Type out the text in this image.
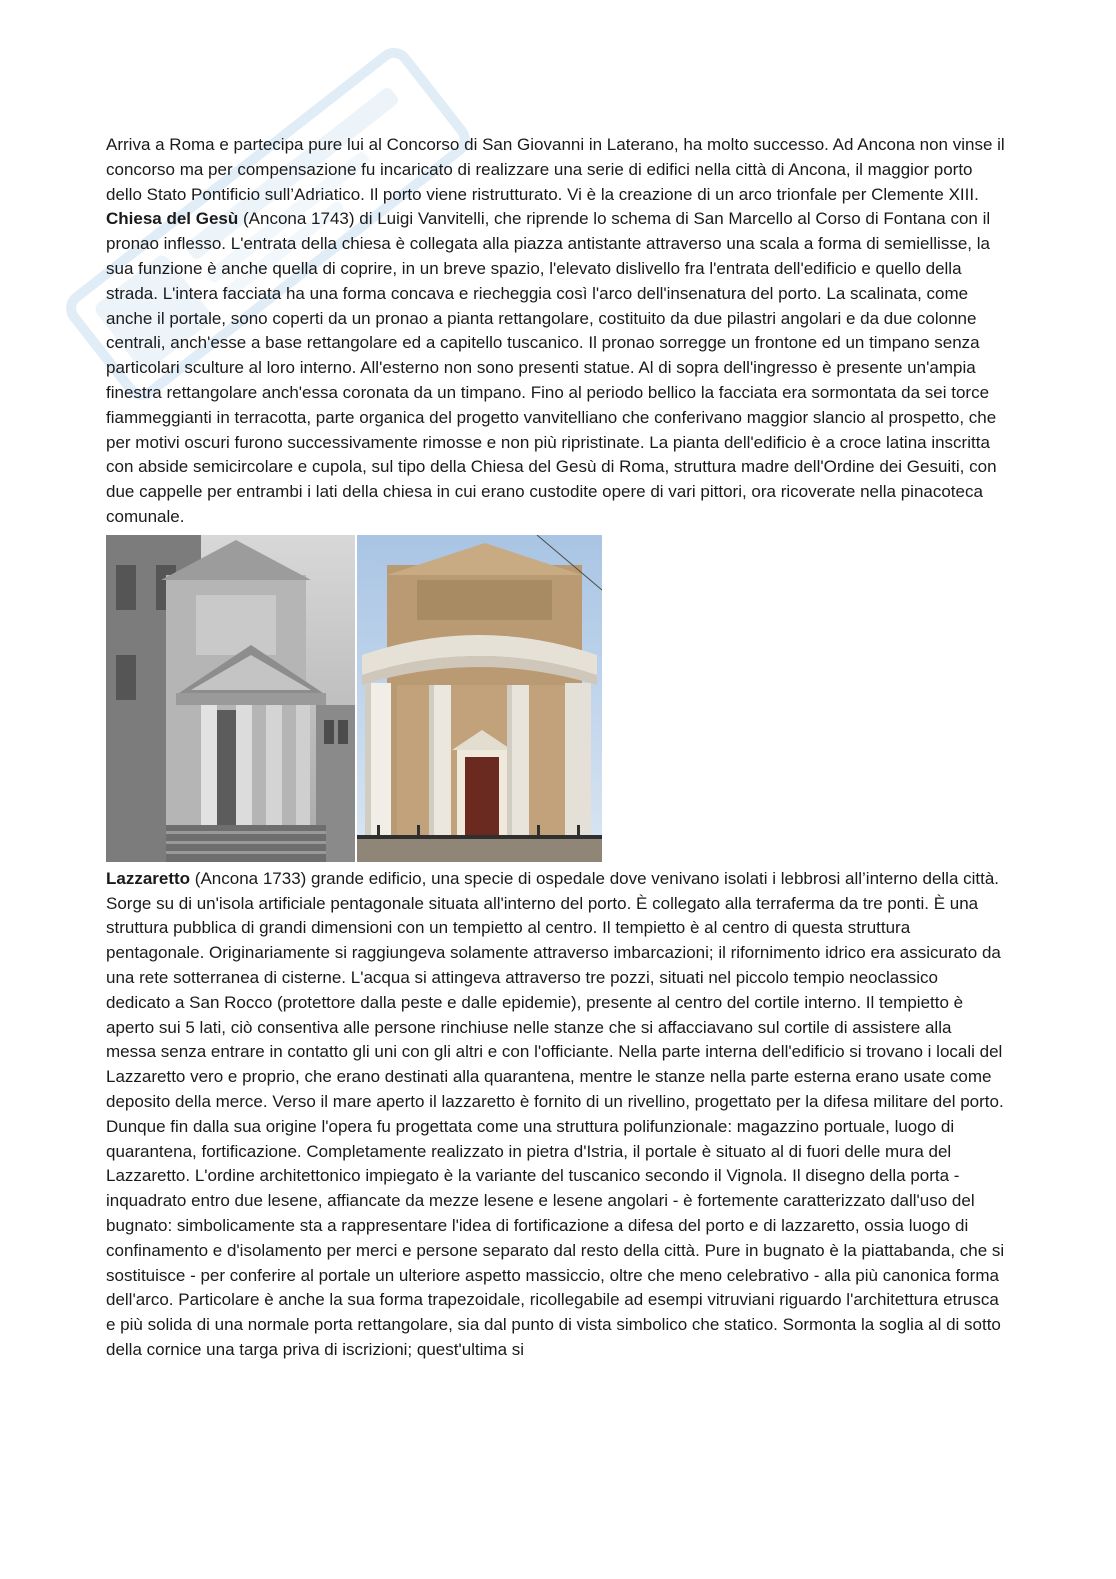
Arriva a Roma e partecipa pure lui al Concorso di San Giovanni in Laterano, ha molto successo. Ad Ancona non vinse il concorso ma per compensazione fu incaricato di realizzare una serie di edifici nella città di Ancona, il maggior porto dello Stato Pontificio sull’Adriatico. Il porto viene ristrutturato. Vi è la creazione di un arco trionfale per Clemente XIII.

Chiesa del Gesù (Ancona 1743) di Luigi Vanvitelli, che riprende lo schema di San Marcello al Corso di Fontana con il pronao inflesso. L'entrata della chiesa è collegata alla piazza antistante attraverso una scala a forma di semiellisse, la sua funzione è anche quella di coprire, in un breve spazio, l'elevato dislivello fra l'entrata dell'edificio e quello della strada. L'intera facciata ha una forma concava e riecheggia così l'arco dell'insenatura del porto. La scalinata, come anche il portale, sono coperti da un pronao a pianta rettangolare, costituito da due pilastri angolari e da due colonne centrali, anch'esse a base rettangolare ed a capitello tuscanico. Il pronao sorregge un frontone ed un timpano senza particolari sculture al loro interno. All'esterno non sono presenti statue. Al di sopra dell'ingresso è presente un'ampia finestra rettangolare anch'essa coronata da un timpano. Fino al periodo bellico la facciata era sormontata da sei torce fiammeggianti in terracotta, parte organica del progetto vanvitelliano che conferivano maggior slancio al prospetto, che per motivi oscuri furono successivamente rimosse e non più ripristinate. La pianta dell'edificio è a croce latina inscritta con abside semicircolare e cupola, sul tipo della Chiesa del Gesù di Roma, struttura madre dell'Ordine dei Gesuiti, con due cappelle per entrambi i lati della chiesa in cui erano custodite opere di vari pittori, ora ricoverate nella pinacoteca comunale.

Lazzaretto (Ancona 1733) grande edificio, una specie di ospedale dove venivano isolati i lebbrosi all’interno della città. Sorge su di un'isola artificiale pentagonale situata all'interno del porto. È collegato alla terraferma da tre ponti. È una struttura pubblica di grandi dimensioni con un tempietto al centro. Il tempietto è al centro di questa struttura pentagonale. Originariamente si raggiungeva solamente attraverso imbarcazioni; il rifornimento idrico era assicurato da una rete sotterranea di cisterne. L'acqua si attingeva attraverso tre pozzi, situati nel piccolo tempio neoclassico dedicato a San Rocco (protettore dalla peste e dalle epidemie), presente al centro del cortile interno. Il tempietto è aperto sui 5 lati, ciò consentiva alle persone rinchiuse nelle stanze che si affacciavano sul cortile di assistere alla messa senza entrare in contatto gli uni con gli altri e con l'officiante. Nella parte interna dell'edificio si trovano i locali del Lazzaretto vero e proprio, che erano destinati alla quarantena, mentre le stanze nella parte esterna erano usate come deposito della merce. Verso il mare aperto il lazzaretto è fornito di un rivellino, progettato per la difesa militare del porto. Dunque fin dalla sua origine l'opera fu progettata come una struttura polifunzionale: magazzino portuale, luogo di quarantena, fortificazione. Completamente realizzato in pietra d'Istria, il portale è situato al di fuori delle mura del Lazzaretto. L'ordine architettonico impiegato è la variante del tuscanico secondo il Vignola. Il disegno della porta - inquadrato entro due lesene, affiancate da mezze lesene e lesene angolari - è fortemente caratterizzato dall'uso del bugnato: simbolicamente sta a rappresentare l'idea di fortificazione a difesa del porto e di lazzaretto, ossia luogo di confinamento e d'isolamento per merci e persone separato dal resto della città. Pure in bugnato è la piattabanda, che si sostituisce - per conferire al portale un ulteriore aspetto massiccio, oltre che meno celebrativo - alla più canonica forma dell'arco. Particolare è anche la sua forma trapezoidale, ricollegabile ad esempi vitruviani riguardo l'architettura etrusca e più solida di una normale porta rettangolare, sia dal punto di vista simbolico che statico. Sormonta la soglia al di sotto della cornice una targa priva di iscrizioni; quest'ultima si
